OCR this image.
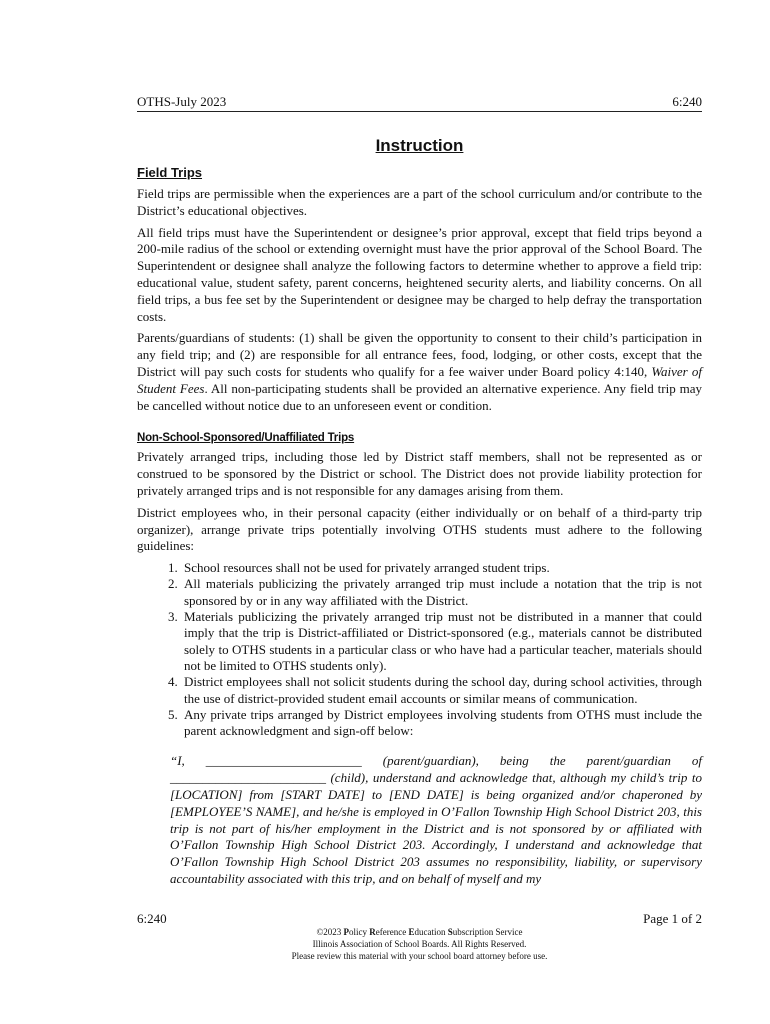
OTHS-July 2023	6:240
Instruction
Field Trips

Field trips are permissible when the experiences are a part of the school curriculum and/or contribute to the District’s educational objectives.

All field trips must have the Superintendent or designee’s prior approval, except that field trips beyond a 200-mile radius of the school or extending overnight must have the prior approval of the School Board. The Superintendent or designee shall analyze the following factors to determine whether to approve a field trip: educational value, student safety, parent concerns, heightened security alerts, and liability concerns. On all field trips, a bus fee set by the Superintendent or designee may be charged to help defray the transportation costs.

Parents/guardians of students: (1) shall be given the opportunity to consent to their child’s participation in any field trip; and (2) are responsible for all entrance fees, food, lodging, or other costs, except that the District will pay such costs for students who qualify for a fee waiver under Board policy 4:140, Waiver of Student Fees. All non-participating students shall be provided an alternative experience. Any field trip may be cancelled without notice due to an unforeseen event or condition.

Non-School-Sponsored/Unaffiliated Trips

Privately arranged trips, including those led by District staff members, shall not be represented as or construed to be sponsored by the District or school. The District does not provide liability protection for privately arranged trips and is not responsible for any damages arising from them.

District employees who, in their personal capacity (either individually or on behalf of a third-party trip organizer), arrange private trips potentially involving OTHS students must adhere to the following guidelines:

1. School resources shall not be used for privately arranged student trips.
2. All materials publicizing the privately arranged trip must include a notation that the trip is not sponsored by or in any way affiliated with the District.
3. Materials publicizing the privately arranged trip must not be distributed in a manner that could imply that the trip is District-affiliated or District-sponsored (e.g., materials cannot be distributed solely to OTHS students in a particular class or who have had a particular teacher, materials should not be limited to OTHS students only).
4. District employees shall not solicit students during the school day, during school activities, through the use of district-provided student email accounts or similar means of communication.
5. Any private trips arranged by District employees involving students from OTHS must include the parent acknowledgment and sign-off below:
“I, ________________________ (parent/guardian), being the parent/guardian of ________________________ (child), understand and acknowledge that, although my child’s trip to [LOCATION] from [START DATE] to [END DATE] is being organized and/or chaperoned by [EMPLOYEE’S NAME], and he/she is employed in O’Fallon Township High School District 203, this trip is not part of his/her employment in the District and is not sponsored by or affiliated with O’Fallon Township High School District 203. Accordingly, I understand and acknowledge that O’Fallon Township High School District 203 assumes no responsibility, liability, or supervisory accountability associated with this trip, and on behalf of myself and my
6:240	Page 1 of 2
©2023 Policy Reference Education Subscription Service
Illinois Association of School Boards. All Rights Reserved.
Please review this material with your school board attorney before use.
